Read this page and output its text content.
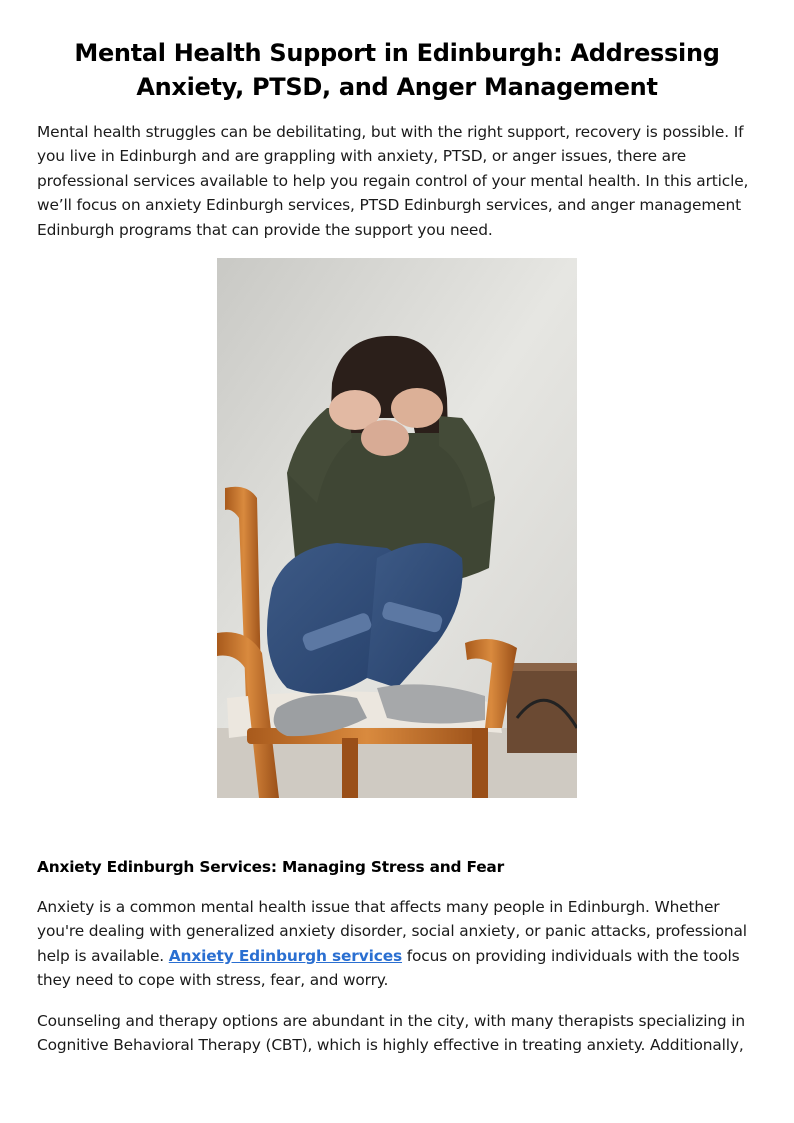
Mental Health Support in Edinburgh: Addressing Anxiety, PTSD, and Anger Management

Mental health struggles can be debilitating, but with the right support, recovery is possible. If you live in Edinburgh and are grappling with anxiety, PTSD, or anger issues, there are professional services available to help you regain control of your mental health. In this article, we’ll focus on anxiety Edinburgh services, PTSD Edinburgh services, and anger management Edinburgh programs that can provide the support you need.

Anxiety Edinburgh Services: Managing Stress and Fear

Anxiety is a common mental health issue that affects many people in Edinburgh. Whether you're dealing with generalized anxiety disorder, social anxiety, or panic attacks, professional help is available. Anxiety Edinburgh services focus on providing individuals with the tools they need to cope with stress, fear, and worry.

Counseling and therapy options are abundant in the city, with many therapists specializing in Cognitive Behavioral Therapy (CBT), which is highly effective in treating anxiety. Additionally,
